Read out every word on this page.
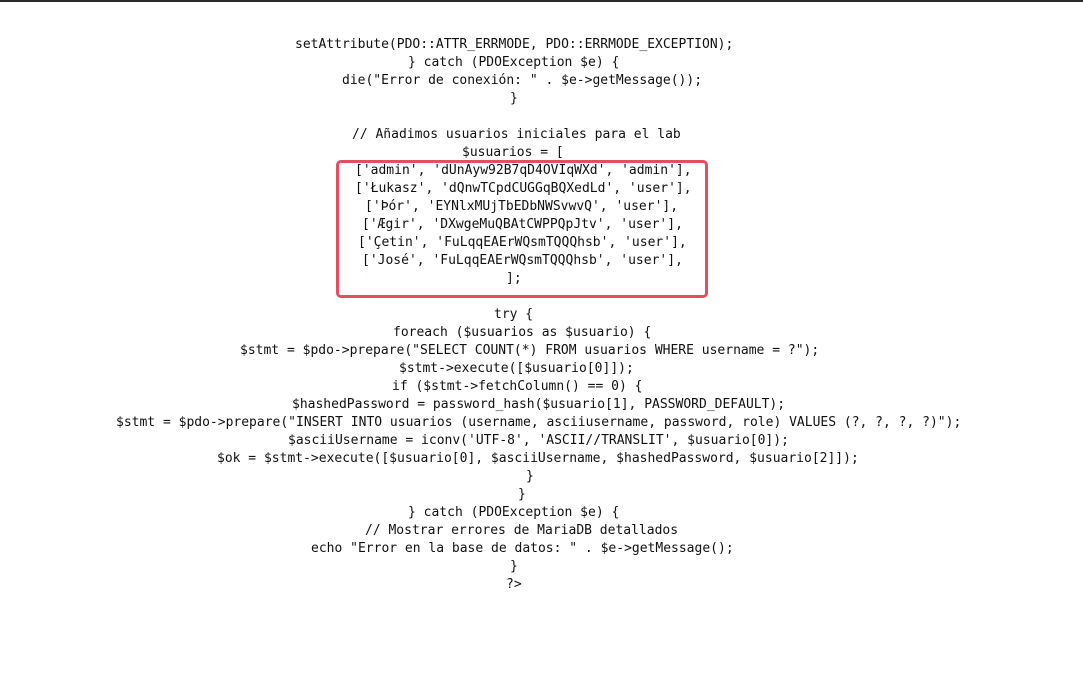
setAttribute(PDO::ATTR_ERRMODE, PDO::ERRMODE_EXCEPTION);
} catch (PDOException $e) {
die("Error de conexión: " . $e->getMessage());
}
// Añadimos usuarios iniciales para el lab
$usuarios = [
['admin', 'dUnAyw92B7qD4OVIqWXd', 'admin'],
['Łukasz', 'dQnwTCpdCUGGqBQXedLd', 'user'],
['Þór', 'EYNlxMUjTbEDbNWSvwvQ', 'user'],
['Ægir', 'DXwgeMuQBAtCWPPQpJtv', 'user'],
['Çetin', 'FuLqqEAErWQsmTQQQhsb', 'user'],
['José', 'FuLqqEAErWQsmTQQQhsb', 'user'],
];
try {
foreach ($usuarios as $usuario) {
$stmt = $pdo->prepare("SELECT COUNT(*) FROM usuarios WHERE username = ?");
$stmt->execute([$usuario[0]]);
if ($stmt->fetchColumn() == 0) {
$hashedPassword = password_hash($usuario[1], PASSWORD_DEFAULT);
$stmt = $pdo->prepare("INSERT INTO usuarios (username, asciiusername, password, role) VALUES (?, ?, ?, ?)");
$asciiUsername = iconv('UTF-8', 'ASCII//TRANSLIT', $usuario[0]);
$ok = $stmt->execute([$usuario[0], $asciiUsername, $hashedPassword, $usuario[2]]);
}
}
} catch (PDOException $e) {
// Mostrar errores de MariaDB detallados
echo "Error en la base de datos: " . $e->getMessage();
}
?>
